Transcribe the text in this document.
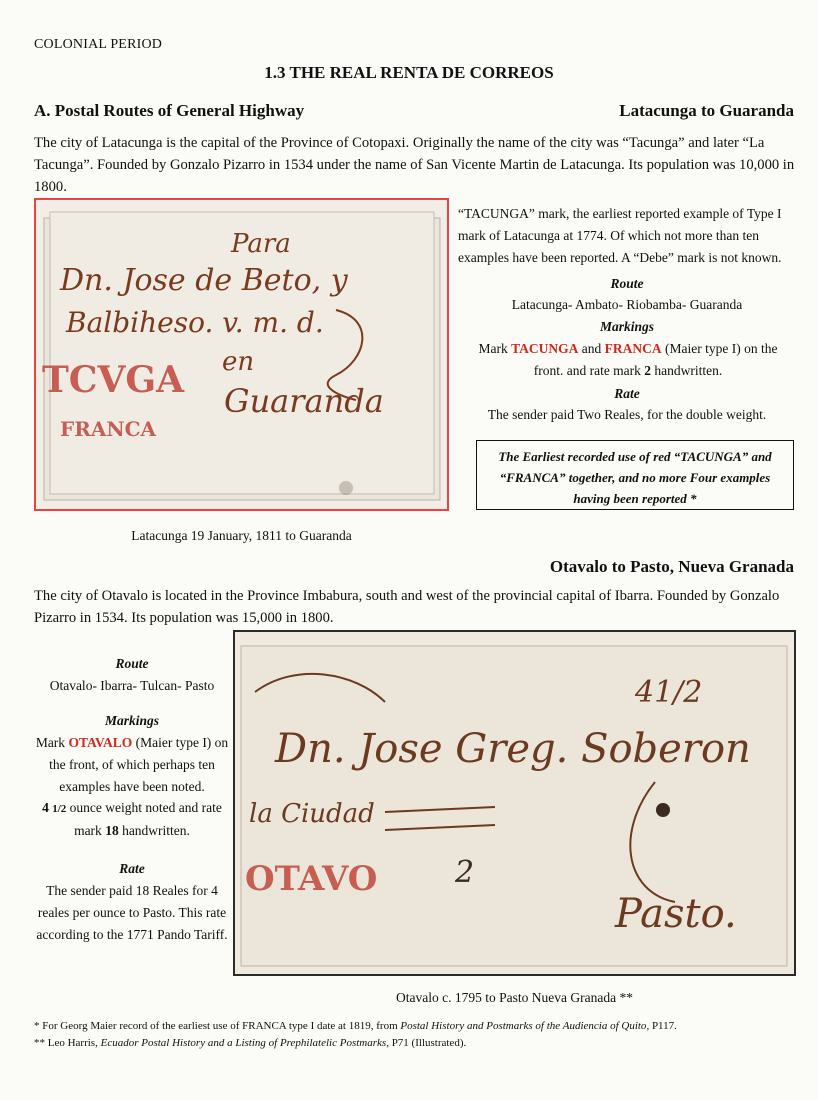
COLONIAL PERIOD
1.3 THE REAL RENTA DE CORREOS
A. Postal Routes of General Highway	Latacunga to Guaranda
The city of Latacunga is the capital of the Province of Cotopaxi. Originally the name of the city was “Tacunga” and later “La Tacunga”. Founded by Gonzalo Pizarro in 1534 under the name of San Vicente Martin de Latacunga. Its population was 10,000 in 1800.
Para
Dn. Jose de Beto, y
Balbiheso. v. m. d.
en
Guaranda
TCVGA
FRANCA
“TACUNGA” mark, the earliest reported example of Type I mark of Latacunga at 1774. Of which not more than ten examples have been reported. A “Debe” mark is not known.
Route
Latacunga- Ambato- Riobamba- Guaranda
Markings
Mark TACUNGA and FRANCA (Maier type I) on the front. and rate mark 2 handwritten.
Rate
The sender paid Two Reales, for the double weight.
The Earliest recorded use of red “TACUNGA” and “FRANCA” together, and no more Four examples having been reported *
Latacunga 19 January, 1811 to Guaranda
Otavalo to Pasto, Nueva Granada
The city of Otavalo is located in the Province Imbabura, south and west of the provincial capital of Ibarra. Founded by Gonzalo Pizarro in 1534. Its population was 15,000 in 1800.
Route
Otavalo- Ibarra- Tulcan- Pasto
Markings
Mark OTAVALO (Maier type I) on the front, of which perhaps ten examples have been noted.
4 1/2 ounce weight noted and rate mark 18 handwritten.
Rate
The sender paid 18 Reales for 4 reales per ounce to Pasto. This rate according to the 1771 Pando Tariff.
Dn. Jose Greg. Soberon
la Ciudad
Pasto.
41/2
2
OTAVO
Otavalo c. 1795 to Pasto Nueva Granada **
* For Georg Maier record of the earliest use of FRANCA type I date at 1819, from Postal History and Postmarks of the Audiencia of Quito, P117.
** Leo Harris, Ecuador Postal History and a Listing of Prephilatelic Postmarks, P71 (Illustrated).
